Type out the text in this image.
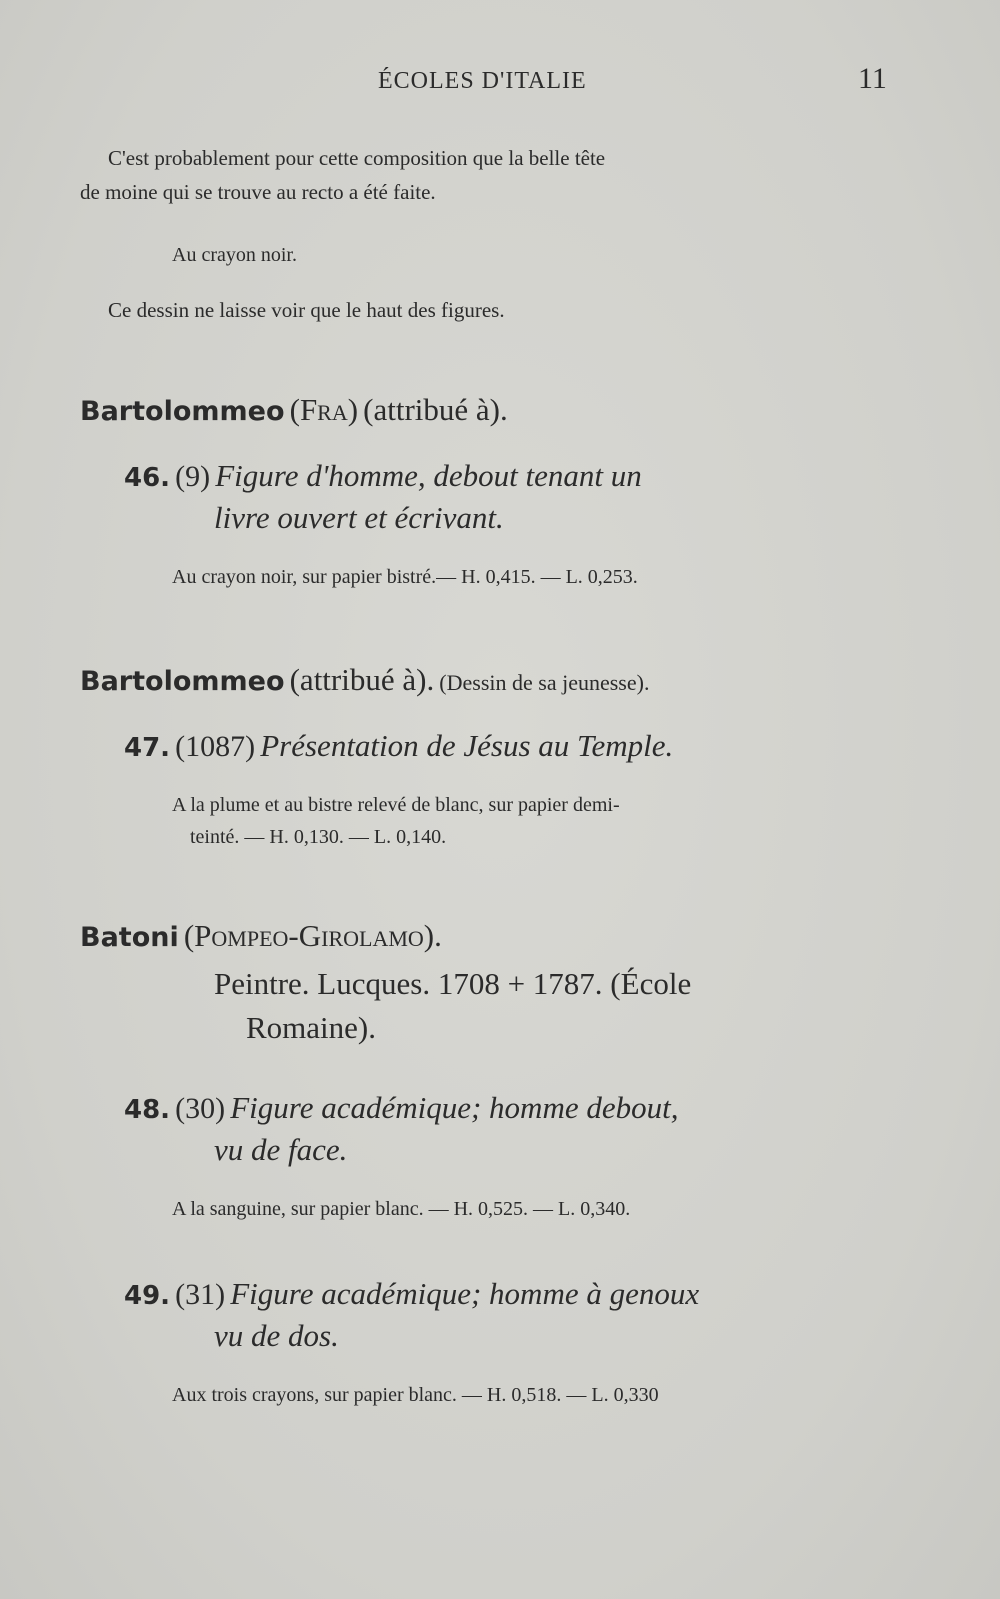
ÉCOLES D'ITALIE	11
C'est probablement pour cette composition que la belle tête
de moine qui se trouve au recto a été faite.
Au crayon noir.
Ce dessin ne laisse voir que le haut des figures.
Bartolommeo (Fra) (attribué à).
46. (9) Figure d'homme, debout tenant un
livre ouvert et écrivant.
Au crayon noir, sur papier bistré.— H. 0,415. — L. 0,253.
Bartolommeo (attribué à). (Dessin de sa jeunesse).
47. (1087) Présentation de Jésus au Temple.
A la plume et au bistre relevé de blanc, sur papier demi-
teinté. — H. 0,130. — L. 0,140.
Batoni (Pompeo-Girolamo).
Peintre. Lucques. 1708 + 1787. (École
Romaine).
48. (30) Figure académique; homme debout,
vu de face.
A la sanguine, sur papier blanc. — H. 0,525. — L. 0,340.
49. (31) Figure académique; homme à genoux
vu de dos.
Aux trois crayons, sur papier blanc. — H. 0,518. — L. 0,330
